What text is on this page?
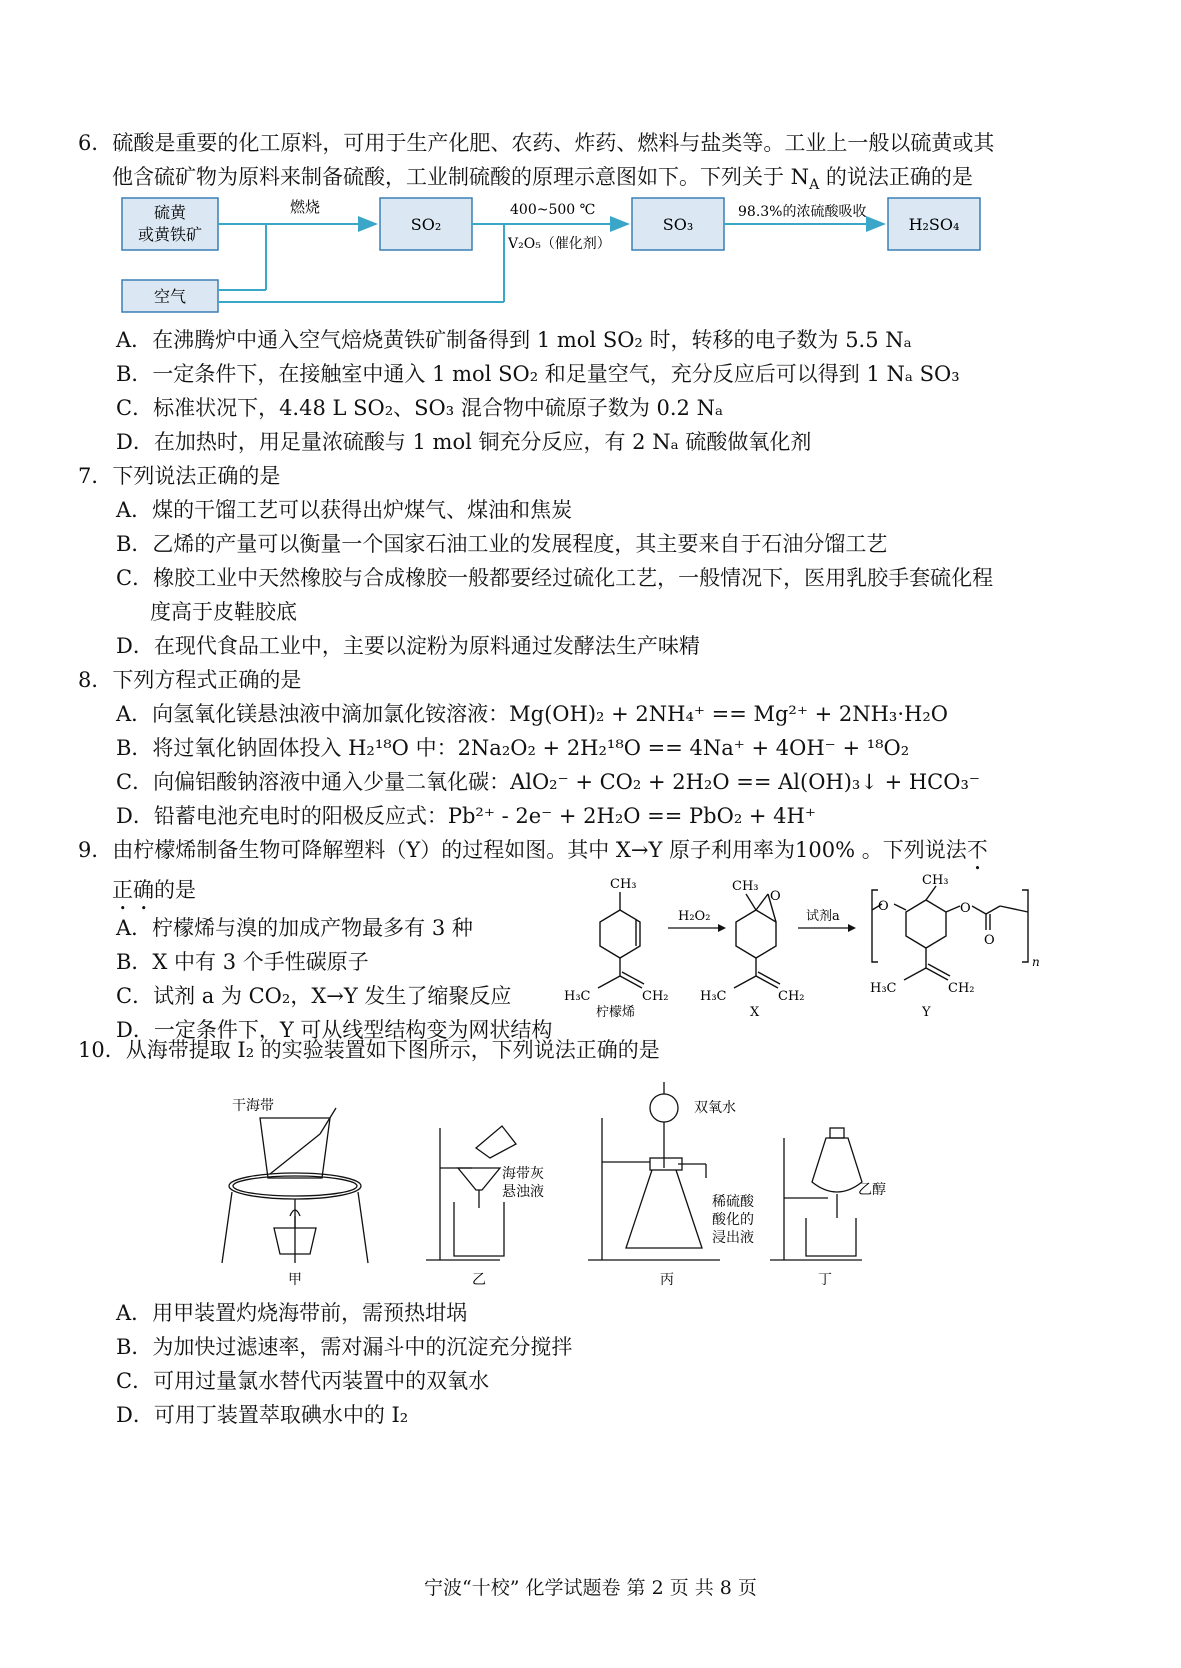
6．硫酸是重要的化工原料，可用于生产化肥、农药、炸药、燃料与盐类等。工业上一般以硫黄或其
他含硫矿物为原料来制备硫酸，工业制硫酸的原理示意图如下。下列关于 $N_A$ 的说法正确的是
硫黄
或黄铁矿
空气
燃烧
SO₂
400~500 ℃
V₂O₅（催化剂）
SO₃
98.3%的浓硫酸吸收
H₂SO₄
A．在沸腾炉中通入空气焙烧黄铁矿制备得到 1 mol SO₂ 时，转移的电子数为 5.5 Nₐ
B．一定条件下，在接触室中通入 1 mol SO₂ 和足量空气，充分反应后可以得到 1 Nₐ SO₃
C．标准状况下，4.48 L SO₂、SO₃ 混合物中硫原子数为 0.2 Nₐ
D．在加热时，用足量浓硫酸与 1 mol 铜充分反应，有 2 Nₐ 硫酸做氧化剂
7．下列说法正确的是
A．煤的干馏工艺可以获得出炉煤气、煤油和焦炭
B．乙烯的产量可以衡量一个国家石油工业的发展程度，其主要来自于石油分馏工艺
C．橡胶工业中天然橡胶与合成橡胶一般都要经过硫化工艺，一般情况下，医用乳胶手套硫化程
度高于皮鞋胶底
D．在现代食品工业中，主要以淀粉为原料通过发酵法生产味精
8．下列方程式正确的是
A．向氢氧化镁悬浊液中滴加氯化铵溶液：Mg(OH)₂ + 2NH₄⁺ == Mg²⁺ + 2NH₃·H₂O
B．将过氧化钠固体投入 H₂¹⁸O 中：2Na₂O₂ + 2H₂¹⁸O == 4Na⁺ + 4OH⁻ + ¹⁸O₂
C．向偏铝酸钠溶液中通入少量二氧化碳：AlO₂⁻ + CO₂ + 2H₂O == Al(OH)₃↓ + HCO₃⁻
D．铅蓄电池充电时的阳极反应式：Pb²⁺ - 2e⁻ + 2H₂O == PbO₂ + 4H⁺
9．由柠檬烯制备生物可降解塑料（Y）的过程如图。其中 X→Y 原子利用率为100% 。下列说法不
正确的是
A．柠檬烯与溴的加成产物最多有 3 种
B．X 中有 3 个手性碳原子
C．试剂 a 为 CO₂，X→Y 发生了缩聚反应
D．一定条件下，Y 可从线型结构变为网状结构
CH₃
H₃C	CH₂
柠檬烯
H₂O₂
CH₃
O
H₃C	CH₂
X
试剂a
O	O
O
CH₃
H₃C	CH₂
n
Y
10．从海带提取 I₂ 的实验装置如下图所示，下列说法正确的是
干海带
甲
海带灰
悬浊液
乙
双氧水
稀硫酸
酸化的
浸出液
丙
乙醇
丁
A．用甲装置灼烧海带前，需预热坩埚
B．为加快过滤速率，需对漏斗中的沉淀充分搅拌
C．可用过量氯水替代丙装置中的双氧水
D．可用丁装置萃取碘水中的 I₂
宁波“十校” 化学试题卷 第 2 页 共 8 页
